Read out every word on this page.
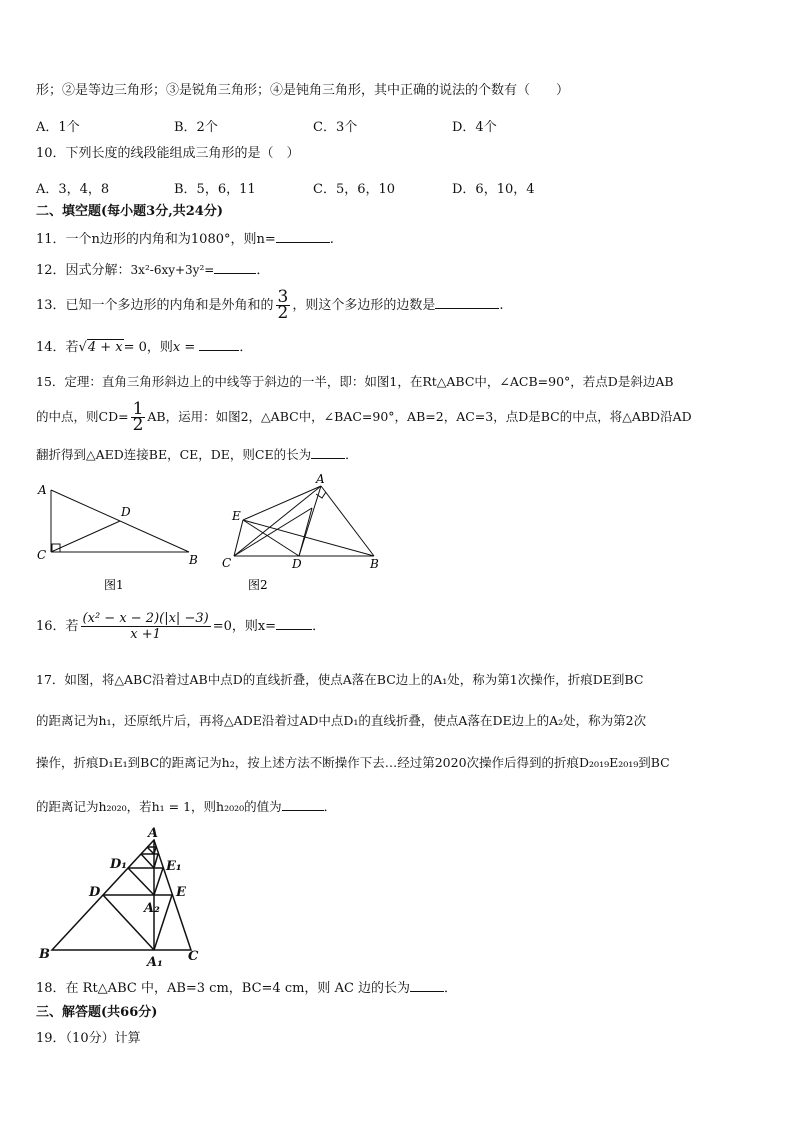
形；②是等边三角形；③是锐角三角形；④是钝角三角形，其中正确的说法的个数有（　　）
A．1个	B．2个	C．3个	D．4个
10．下列长度的线段能组成三角形的是（　）
A．3，4，8	B．5，6，11	C．5，6，10	D．6，10，4
二、填空题(每小题3分,共24分)
11．一个n边形的内角和为1080°，则n=	.
12．因式分解：3x²-6xy+3y²=	．
13．已知一个多边形的内角和是外角和的 $\frac{3}{2}$ ，则这个多边形的边数是	.
14．若√4 + x= 0，则x =	．
15．定理：直角三角形斜边上的中线等于斜边的一半，即：如图1，在Rt△ABC中，∠ACB=90°，若点D是斜边AB
的中点，则$CD= \frac{1}{2}$ AB，运用：如图2，△ABC中，∠BAC=90°，AB=2，AC=3，点D是BC的中点，将△ABD沿AD
翻折得到△AED连接BE，CE，DE，则CE的长为	．
A
C	B
D
图1
A
E
C	D	B
图2
16．若 $\frac{\text{(x² − x − 2)(|x| −3)}}{x +1} =0$，则x=	．
17．如图，将△ABC沿着过AB中点D的直线折叠，使点A落在BC边上的A₁处，称为第1次操作，折痕DE到BC
的距离记为h₁，还原纸片后，再将△ADE沿着过AD中点D₁的直线折叠，使点A落在DE边上的A₂处，称为第2次
操作，折痕D₁E₁到BC的距离记为h₂，按上述方法不断操作下去…经过第2020次操作后得到的折痕D₂₀₁₉E₂₀₁₉到BC
的距离记为h₂₀₂₀，若h₁ = 1，则h₂₀₂₀的值为	．
A
D₁	E₁
D	E
A₂
B
A₁ C
18．在 Rt△ABC 中，AB=3 cm，BC=4 cm，则 AC 边的长为	．
三、解答题(共66分)
19．（10分）计算
